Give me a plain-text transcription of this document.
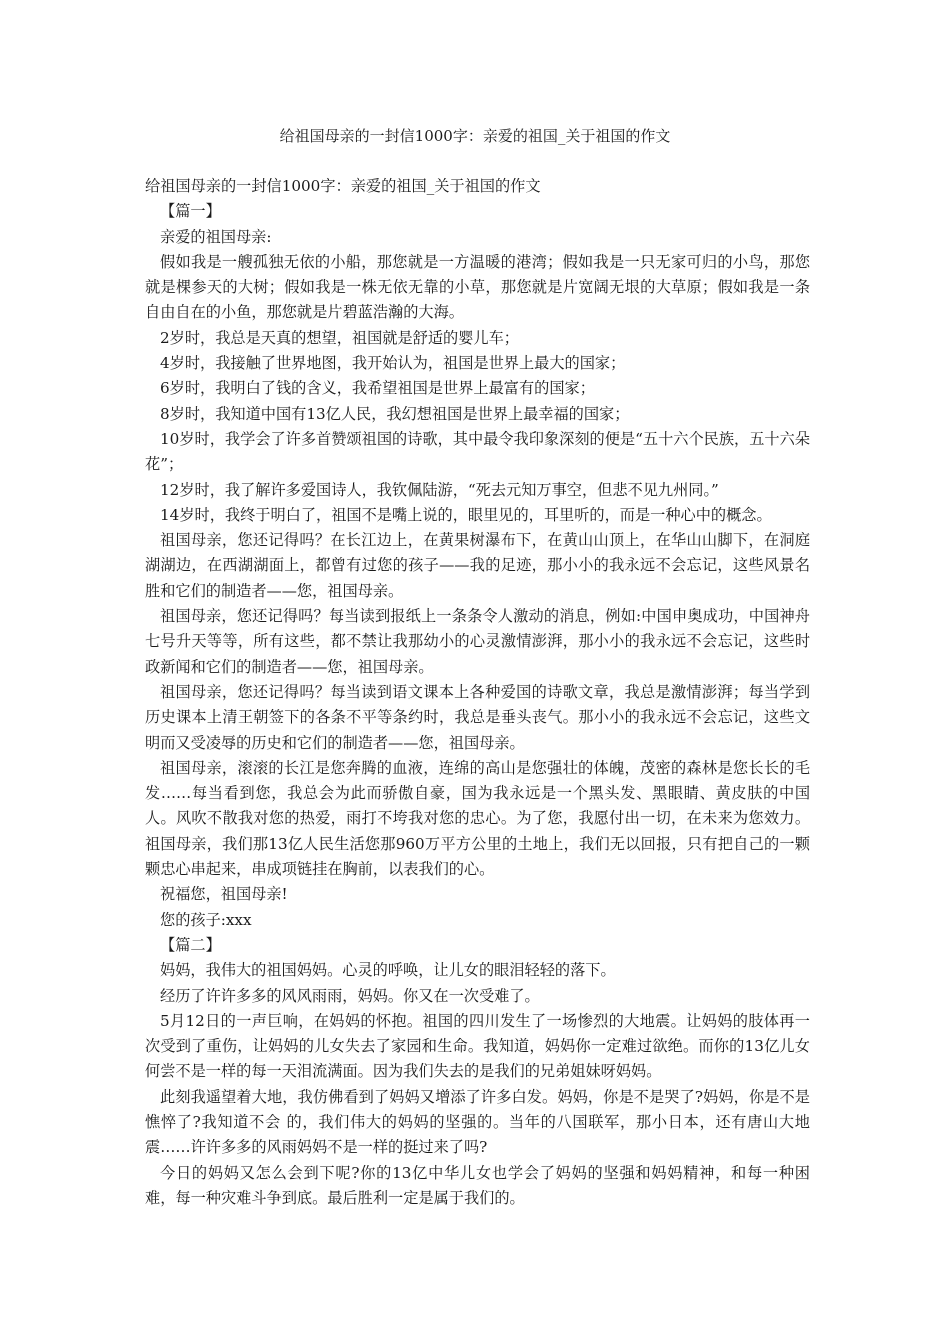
给祖国母亲的一封信1000字：亲爱的祖国_关于祖国的作文

给祖国母亲的一封信1000字：亲爱的祖国_关于祖国的作文

【篇一】

亲爱的祖国母亲:

假如我是一艘孤独无依的小船，那您就是一方温暖的港湾；假如我是一只无家可归的小鸟，那您就是棵参天的大树；假如我是一株无依无靠的小草，那您就是片宽阔无垠的大草原；假如我是一条自由自在的小鱼，那您就是片碧蓝浩瀚的大海。

2岁时，我总是天真的想望，祖国就是舒适的婴儿车；

4岁时，我接触了世界地图，我开始认为，祖国是世界上最大的国家；

6岁时，我明白了钱的含义，我希望祖国是世界上最富有的国家；

8岁时，我知道中国有13亿人民，我幻想祖国是世界上最幸福的国家；

10岁时，我学会了许多首赞颂祖国的诗歌，其中最令我印象深刻的便是“五十六个民族，五十六朵花”；

12岁时，我了解许多爱国诗人，我钦佩陆游，“死去元知万事空，但悲不见九州同。”

14岁时，我终于明白了，祖国不是嘴上说的，眼里见的，耳里听的，而是一种心中的概念。

祖国母亲，您还记得吗？在长江边上，在黄果树瀑布下，在黄山山顶上，在华山山脚下，在洞庭湖湖边，在西湖湖面上，都曾有过您的孩子——我的足迹，那小小的我永远不会忘记，这些风景名胜和它们的制造者——您，祖国母亲。

祖国母亲，您还记得吗？每当读到报纸上一条条令人激动的消息，例如:中国申奥成功，中国神舟七号升天等等，所有这些，都不禁让我那幼小的心灵激情澎湃，那小小的我永远不会忘记，这些时政新闻和它们的制造者——您，祖国母亲。

祖国母亲，您还记得吗？每当读到语文课本上各种爱国的诗歌文章，我总是激情澎湃；每当学到历史课本上清王朝签下的各条不平等条约时，我总是垂头丧气。那小小的我永远不会忘记，这些文明而又受凌辱的历史和它们的制造者——您，祖国母亲。

祖国母亲，滚滚的长江是您奔腾的血液，连绵的高山是您强壮的体魄，茂密的森林是您长长的毛发……每当看到您，我总会为此而骄傲自豪，国为我永远是一个黑头发、黑眼睛、黄皮肤的中国人。风吹不散我对您的热爱，雨打不垮我对您的忠心。为了您，我愿付出一切，在未来为您效力。祖国母亲，我们那13亿人民生活您那960万平方公里的土地上，我们无以回报，只有把自己的一颗颗忠心串起来，串成项链挂在胸前，以表我们的心。

祝福您，祖国母亲!

您的孩子:xxx

【篇二】

妈妈，我伟大的祖国妈妈。心灵的呼唤，让儿女的眼泪轻轻的落下。

经历了许许多多的风风雨雨，妈妈。你又在一次受难了。

5月12日的一声巨响，在妈妈的怀抱。祖国的四川发生了一场惨烈的大地震。让妈妈的肢体再一次受到了重伤，让妈妈的儿女失去了家园和生命。我知道，妈妈你一定难过欲绝。而你的13亿儿女何尝不是一样的每一天泪流满面。因为我们失去的是我们的兄弟姐妹呀妈妈。

此刻我遥望着大地，我仿佛看到了妈妈又增添了许多白发。妈妈，你是不是哭了?妈妈，你是不是憔悴了?我知道不会 的，我们伟大的妈妈的坚强的。当年的八国联军，那小日本，还有唐山大地震……许许多多的风雨妈妈不是一样的挺过来了吗?

今日的妈妈又怎么会到下呢?你的13亿中华儿女也学会了妈妈的坚强和妈妈精神，和每一种困难，每一种灾难斗争到底。最后胜利一定是属于我们的。
